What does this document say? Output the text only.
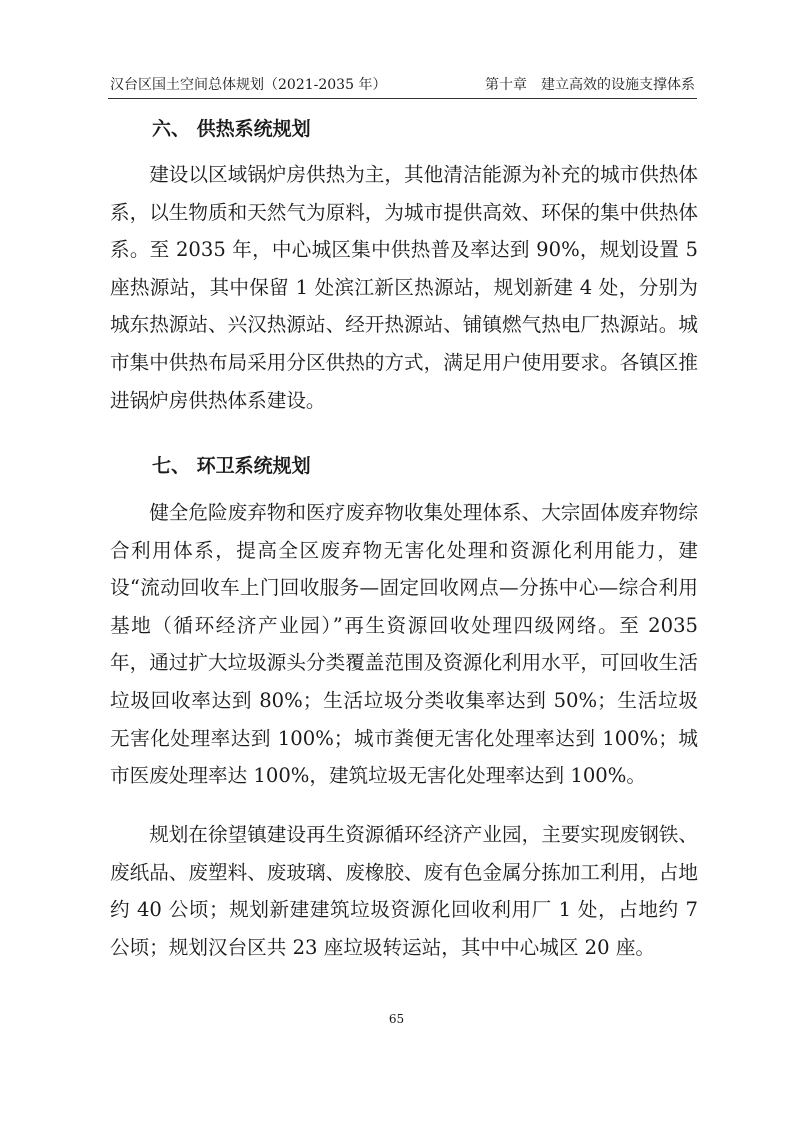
汉台区国土空间总体规划（2021-2035 年）	第十章　建立高效的设施支撑体系
六、 供热系统规划

建设以区域锅炉房供热为主，其他清洁能源为补充的城市供热体系，以生物质和天然气为原料，为城市提供高效、环保的集中供热体系。至 2035 年，中心城区集中供热普及率达到 90%，规划设置 5 座热源站，其中保留 1 处滨江新区热源站，规划新建 4 处，分别为城东热源站、兴汉热源站、经开热源站、铺镇燃气热电厂热源站。城市集中供热布局采用分区供热的方式，满足用户使用要求。各镇区推进锅炉房供热体系建设。

七、 环卫系统规划

健全危险废弃物和医疗废弃物收集处理体系、大宗固体废弃物综合利用体系，提高全区废弃物无害化处理和资源化利用能力，建设“流动回收车上门回收服务—固定回收网点—分拣中心—综合利用基地（循环经济产业园）”再生资源回收处理四级网络。至 2035 年，通过扩大垃圾源头分类覆盖范围及资源化利用水平，可回收生活垃圾回收率达到 80%；生活垃圾分类收集率达到 50%；生活垃圾无害化处理率达到 100%；城市粪便无害化处理率达到 100%；城市医废处理率达 100%，建筑垃圾无害化处理率达到 100%。

规划在徐望镇建设再生资源循环经济产业园，主要实现废钢铁、废纸品、废塑料、废玻璃、废橡胶、废有色金属分拣加工利用，占地约 40 公顷；规划新建建筑垃圾资源化回收利用厂 1 处，占地约 7 公顷；规划汉台区共 23 座垃圾转运站，其中中心城区 20 座。

65
